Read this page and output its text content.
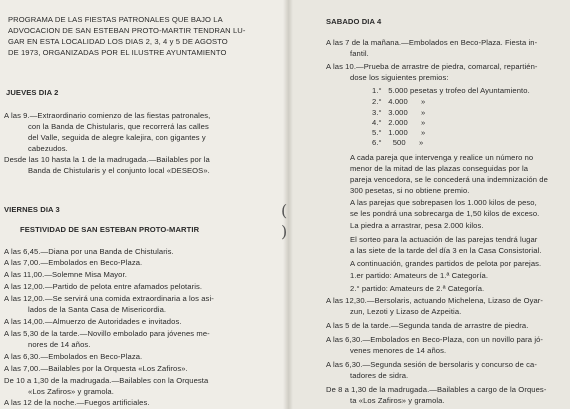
PROGRAMA DE LAS FIESTAS PATRONALES QUE BAJO LA
ADVOCACION DE SAN ESTEBAN PROTO-MARTIR TENDRAN LU-
GAR EN ESTA LOCALIDAD LOS DIAS 2, 3, 4 y 5 DE AGOSTO
DE 1973, ORGANIZADAS POR EL ILUSTRE AYUNTAMIENTO
JUEVES DIA 2
A las 9.—Extraordinario comienzo de las fiestas patronales,
con la Banda de Chistularis, que recorrerá las calles
del Valle, seguida de alegre kalejira, con gigantes y
cabezudos.
Desde las 10 hasta la 1 de la madrugada.—Bailables por la
Banda de Chistularis y el conjunto local «DESEOS».
VIERNES DIA 3
FESTIVIDAD DE SAN ESTEBAN PROTO-MARTIR
A las 6,45.—Diana por una Banda de Chistularis.
A las 7,00.—Embolados en Beco-Plaza.
A las 11,00.—Solemne Misa Mayor.
A las 12,00.—Partido de pelota entre afamados pelotaris.
A las 12,00.—Se servirá una comida extraordinaria a los asi-
lados de la Santa Casa de Misericordia.
A las 14,00.—Almuerzo de Autoridades e invitados.
A las 5,30 de la tarde.—Novillo embolado para jóvenes me-
nores de 14 años.
A las 6,30.—Embolados en Beco-Plaza.
A las 7,00.—Bailables por la Orquesta «Los Zafiros».
De 10 a 1,30 de la madrugada.—Bailables con la Orquesta
«Los Zafiros» y gramola.
A las 12 de la noche.—Fuegos artificiales.
SABADO DIA 4
A las 7 de la mañana.—Embolados en Beco-Plaza. Fiesta in-
fantil.
A las 10.—Prueba de arrastre de piedra, comarcal, repartién-
dose los siguientes premios:
1.°   5.000 pesetas y trofeo del Ayuntamiento.
2.°   4.000      »
3.°   3.000      »
4.°   2.000      »
5.°   1.000      »
6.°     500      »
A cada pareja que intervenga y realice un número no
menor de la mitad de las plazas conseguidas por la
pareja vencedora, se le concederá una indemnización de
300 pesetas, si no obtiene premio.
A las parejas que sobrepasen los 1.000 kilos de peso,
se les pondrá una sobrecarga de 1,50 kilos de exceso.
La piedra a arrastrar, pesa 2.000 kilos.
El sorteo para la actuación de las parejas tendrá lugar
a las siete de la tarde del día 3 en la Casa Consistorial.
A continuación, grandes partidos de pelota por parejas.
1.er partido: Amateurs de 1.ª Categoría.
2.° partido: Amateurs de 2.ª Categoría.
A las 12,30.—Bersolaris, actuando Michelena, Lizaso de Oyar-
zun, Lezoti y Lizaso de Azpeitia.
A las 5 de la tarde.—Segunda tanda de arrastre de piedra.
A las 6,30.—Embolados en Beco-Plaza, con un novillo para jó-
venes menores de 14 años.
A las 6,30.—Segunda sesión de bersolaris y concurso de ca-
tadores de sidra.
De 8 a 1,30 de la madrugada.—Bailables a cargo de la Orques-
ta «Los Zafiros» y gramola.
(
)
